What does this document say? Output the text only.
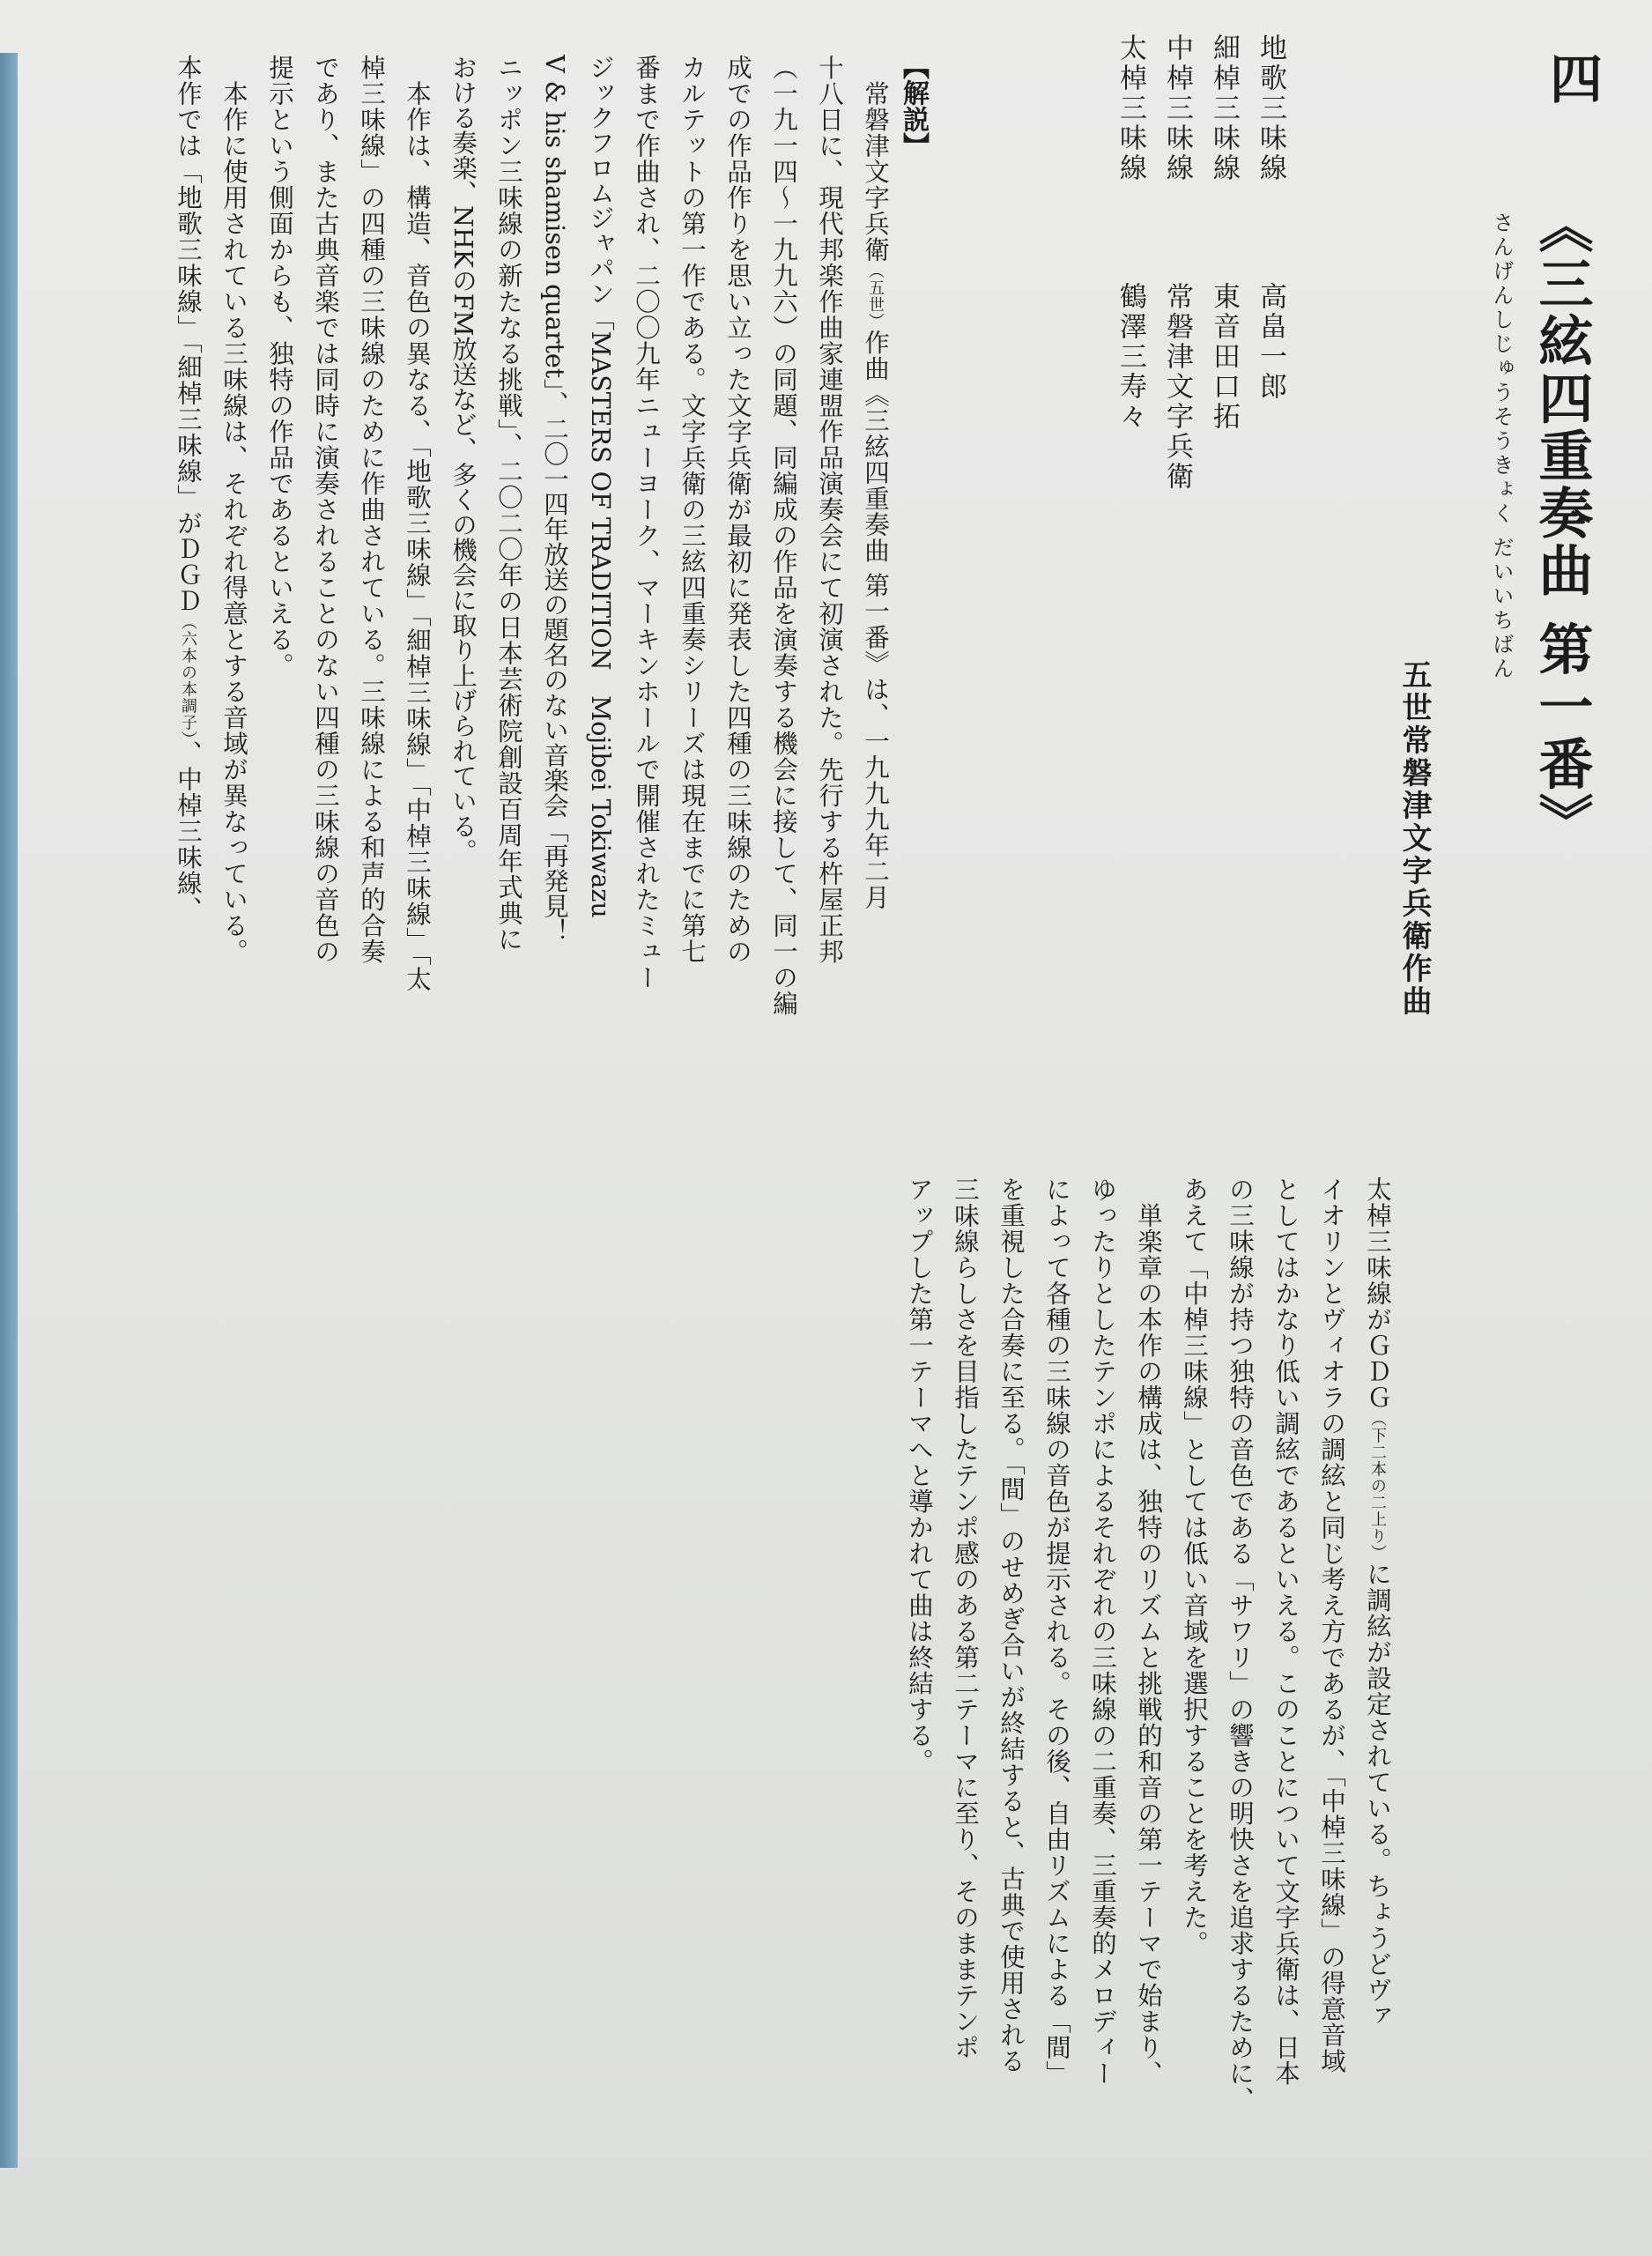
四
さんげんしじゅうそうきょく だいいちばん 《三絃四重奏曲 第一番》
五世常磐津文字兵衛作曲
地歌三味線
高畠一郎
細棹三味線
東音田口拓
中棹三味線
常磐津文字兵衛
太棹三味線
鶴澤三寿々
【解説】
　常磐津文字兵衛（五世）作曲《三絃四重奏曲 第一番》は、一九九九年二月
十八日に、現代邦楽作曲家連盟作品演奏会にて初演された。先行する杵屋正邦
（一九一四〜一九九六）の同題、同編成の作品を演奏する機会に接して、同一の編
成での作品作りを思い立った文字兵衛が最初に発表した四種の三味線のための
カルテットの第一作である。文字兵衛の三絃四重奏シリーズは現在までに第七
番まで作曲され、二〇〇九年ニューヨーク、マーキンホールで開催されたミュー
ジックフロムジャパン「MASTERS OF TRADITION　Mojibei Tokiwazu
V & his shamisen quartet」、二〇一四年放送の題名のない音楽会「再発見！
ニッポン三味線の新たなる挑戦」、二〇二〇年の日本芸術院創設百周年式典に
おける奏楽、NHKのFM放送など、多くの機会に取り上げられている。
　本作は、構造、音色の異なる、「地歌三味線」「細棹三味線」「中棹三味線」「太
棹三味線」の四種の三味線のために作曲されている。三味線による和声的合奏
であり、また古典音楽では同時に演奏されることのない四種の三味線の音色の
提示という側面からも、独特の作品であるといえる。
　本作に使用されている三味線は、それぞれ得意とする音域が異なっている。
本作では「地歌三味線」「細棹三味線」がＤＧＤ（六本の本調子）、中棹三味線、
太棹三味線がＧＤＧ（下二本の二上り）に調絃が設定されている。ちょうどヴァ
イオリンとヴィオラの調絃と同じ考え方であるが、「中棹三味線」の得意音域
としてはかなり低い調絃であるといえる。このことについて文字兵衛は、日本
の三味線が持つ独特の音色である「サワリ」の響きの明快さを追求するために、
あえて「中棹三味線」としては低い音域を選択することを考えた。
　単楽章の本作の構成は、独特のリズムと挑戦的和音の第一テーマで始まり、
ゆったりとしたテンポによるそれぞれの三味線の二重奏、三重奏的メロディー
によって各種の三味線の音色が提示される。その後、自由リズムによる「間」
を重視した合奏に至る。「間」のせめぎ合いが終結すると、古典で使用される
三味線らしさを目指したテンポ感のある第二テーマに至り、そのままテンポ
アップした第一テーマへと導かれて曲は終結する。
